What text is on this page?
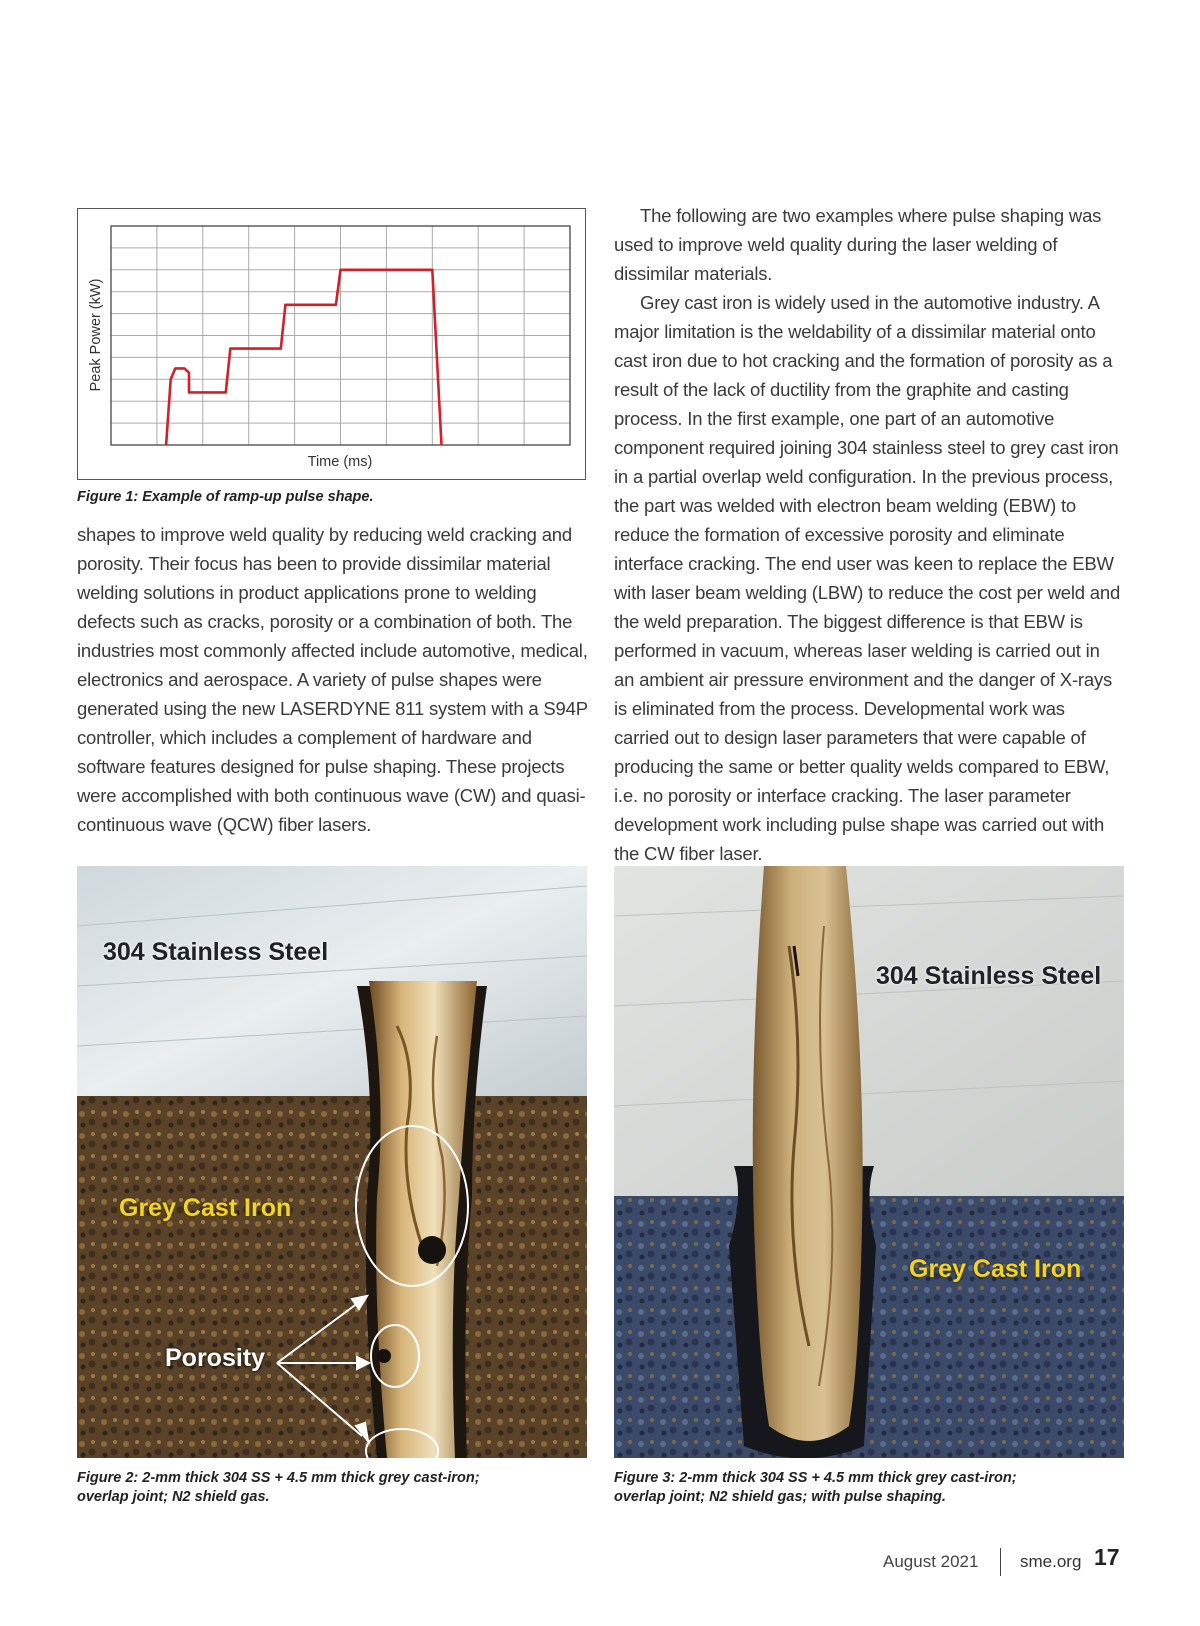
Peak Power (kW)
Time (ms)
Figure 1: Example of ramp-up pulse shape.

shapes to improve weld quality by reducing weld cracking and porosity. Their focus has been to provide dissimilar material welding solutions in product applications prone to welding defects such as cracks, porosity or a combination of both. The industries most commonly affected include automotive, medical, electronics and aerospace. A variety of pulse shapes were generated using the new LASERDYNE 811 system with a S94P controller, which includes a complement of hardware and software features designed for pulse shaping. These projects were accomplished with both continuous wave (CW) and quasi-continuous wave (QCW) fiber lasers.

The following are two examples where pulse shaping was used to improve weld quality during the laser welding of dissimilar materials.

Grey cast iron is widely used in the automotive industry. A major limitation is the weldability of a dissimilar material onto cast iron due to hot cracking and the formation of porosity as a result of the lack of ductility from the graphite and casting process. In the first example, one part of an automotive component required joining 304 stainless steel to grey cast iron in a partial overlap weld configuration. In the previous process, the part was welded with electron beam welding (EBW) to reduce the formation of excessive porosity and eliminate interface cracking. The end user was keen to replace the EBW with laser beam welding (LBW) to reduce the cost per weld and the weld preparation. The biggest difference is that EBW is performed in vacuum, whereas laser welding is carried out in an ambient air pressure environment and the danger of X-rays is eliminated from the process. Developmental work was carried out to design laser parameters that were capable of producing the same or better quality welds compared to EBW, i.e. no porosity or interface cracking. The laser parameter development work including pulse shape was carried out with the CW fiber laser.

304 Stainless Steel
Grey Cast Iron
Porosity
Figure 2: 2-mm thick 304 SS + 4.5 mm thick grey cast-iron;
overlap joint; N2 shield gas.
304 Stainless Steel
Grey Cast Iron
Figure 3: 2-mm thick 304 SS + 4.5 mm thick grey cast-iron;
overlap joint; N2 shield gas; with pulse shaping.
August 2021 sme.org 17
